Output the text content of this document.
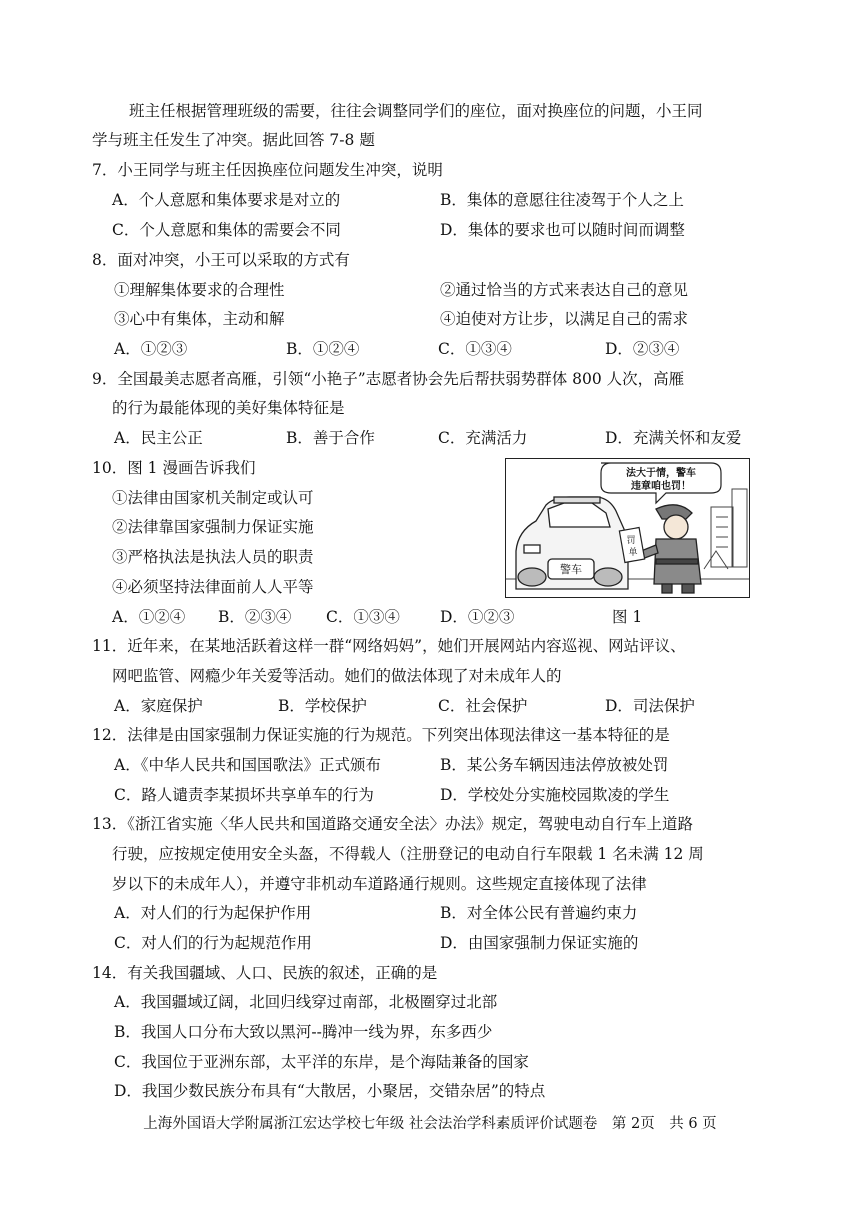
班主任根据管理班级的需要，往往会调整同学们的座位，面对换座位的问题，小王同
学与班主任发生了冲突。据此回答 7-8 题
7．小王同学与班主任因换座位问题发生冲突，说明
A．个人意愿和集体要求是对立的	B．集体的意愿往往凌驾于个人之上
C．个人意愿和集体的需要会不同	D．集体的要求也可以随时间而调整
8．面对冲突，小王可以采取的方式有
①理解集体要求的合理性	②通过恰当的方式来表达自己的意见
③心中有集体，主动和解	④迫使对方让步，以满足自己的需求
A．①②③	B．①②④	C．①③④	D．②③④
9．全国最美志愿者高雁，引领“小艳子”志愿者协会先后帮扶弱势群体 800 人次，高雁
的行为最能体现的美好集体特征是
A．民主公正	B．善于合作	C．充满活力	D．充满关怀和友爱
10．图 1 漫画告诉我们
①法律由国家机关制定或认可
②法律靠国家强制力保证实施
③严格执法是执法人员的职责
④必须坚持法律面前人人平等
A．①②④ B．②③④ C．①③④	D．①②③	图 1
法大于情，警车
违章咱也罚！
警车
罚
单
11．近年来，在某地活跃着这样一群“网络妈妈”，她们开展网站内容巡视、网站评议、
网吧监管、网瘾少年关爱等活动。她们的做法体现了对未成年人的
A．家庭保护	B．学校保护	C．社会保护	D．司法保护
12．法律是由国家强制力保证实施的行为规范。下列突出体现法律这一基本特征的是
A．《中华人民共和国国歌法》正式颁布	B．某公务车辆因违法停放被处罚
C．路人谴责李某损坏共享单车的行为	D．学校处分实施校园欺凌的学生
13．《浙江省实施〈华人民共和国道路交通安全法〉办法》规定，驾驶电动自行车上道路
行驶，应按规定使用安全头盔，不得载人（注册登记的电动自行车限载 1 名未满 12 周
岁以下的未成年人），并遵守非机动车道路通行规则。这些规定直接体现了法律
A．对人们的行为起保护作用	B．对全体公民有普遍约束力
C．对人们的行为起规范作用	D．由国家强制力保证实施的
14．有关我国疆域、人口、民族的叙述，正确的是
A．我国疆域辽阔，北回归线穿过南部，北极圈穿过北部
B．我国人口分布大致以黑河--腾冲一线为界，东多西少
C．我国位于亚洲东部，太平洋的东岸，是个海陆兼备的国家
D．我国少数民族分布具有“大散居，小聚居，交错杂居”的特点
上海外国语大学附属浙江宏达学校七年级 社会法治学科素质评价试题卷　第 2页　共 6 页
